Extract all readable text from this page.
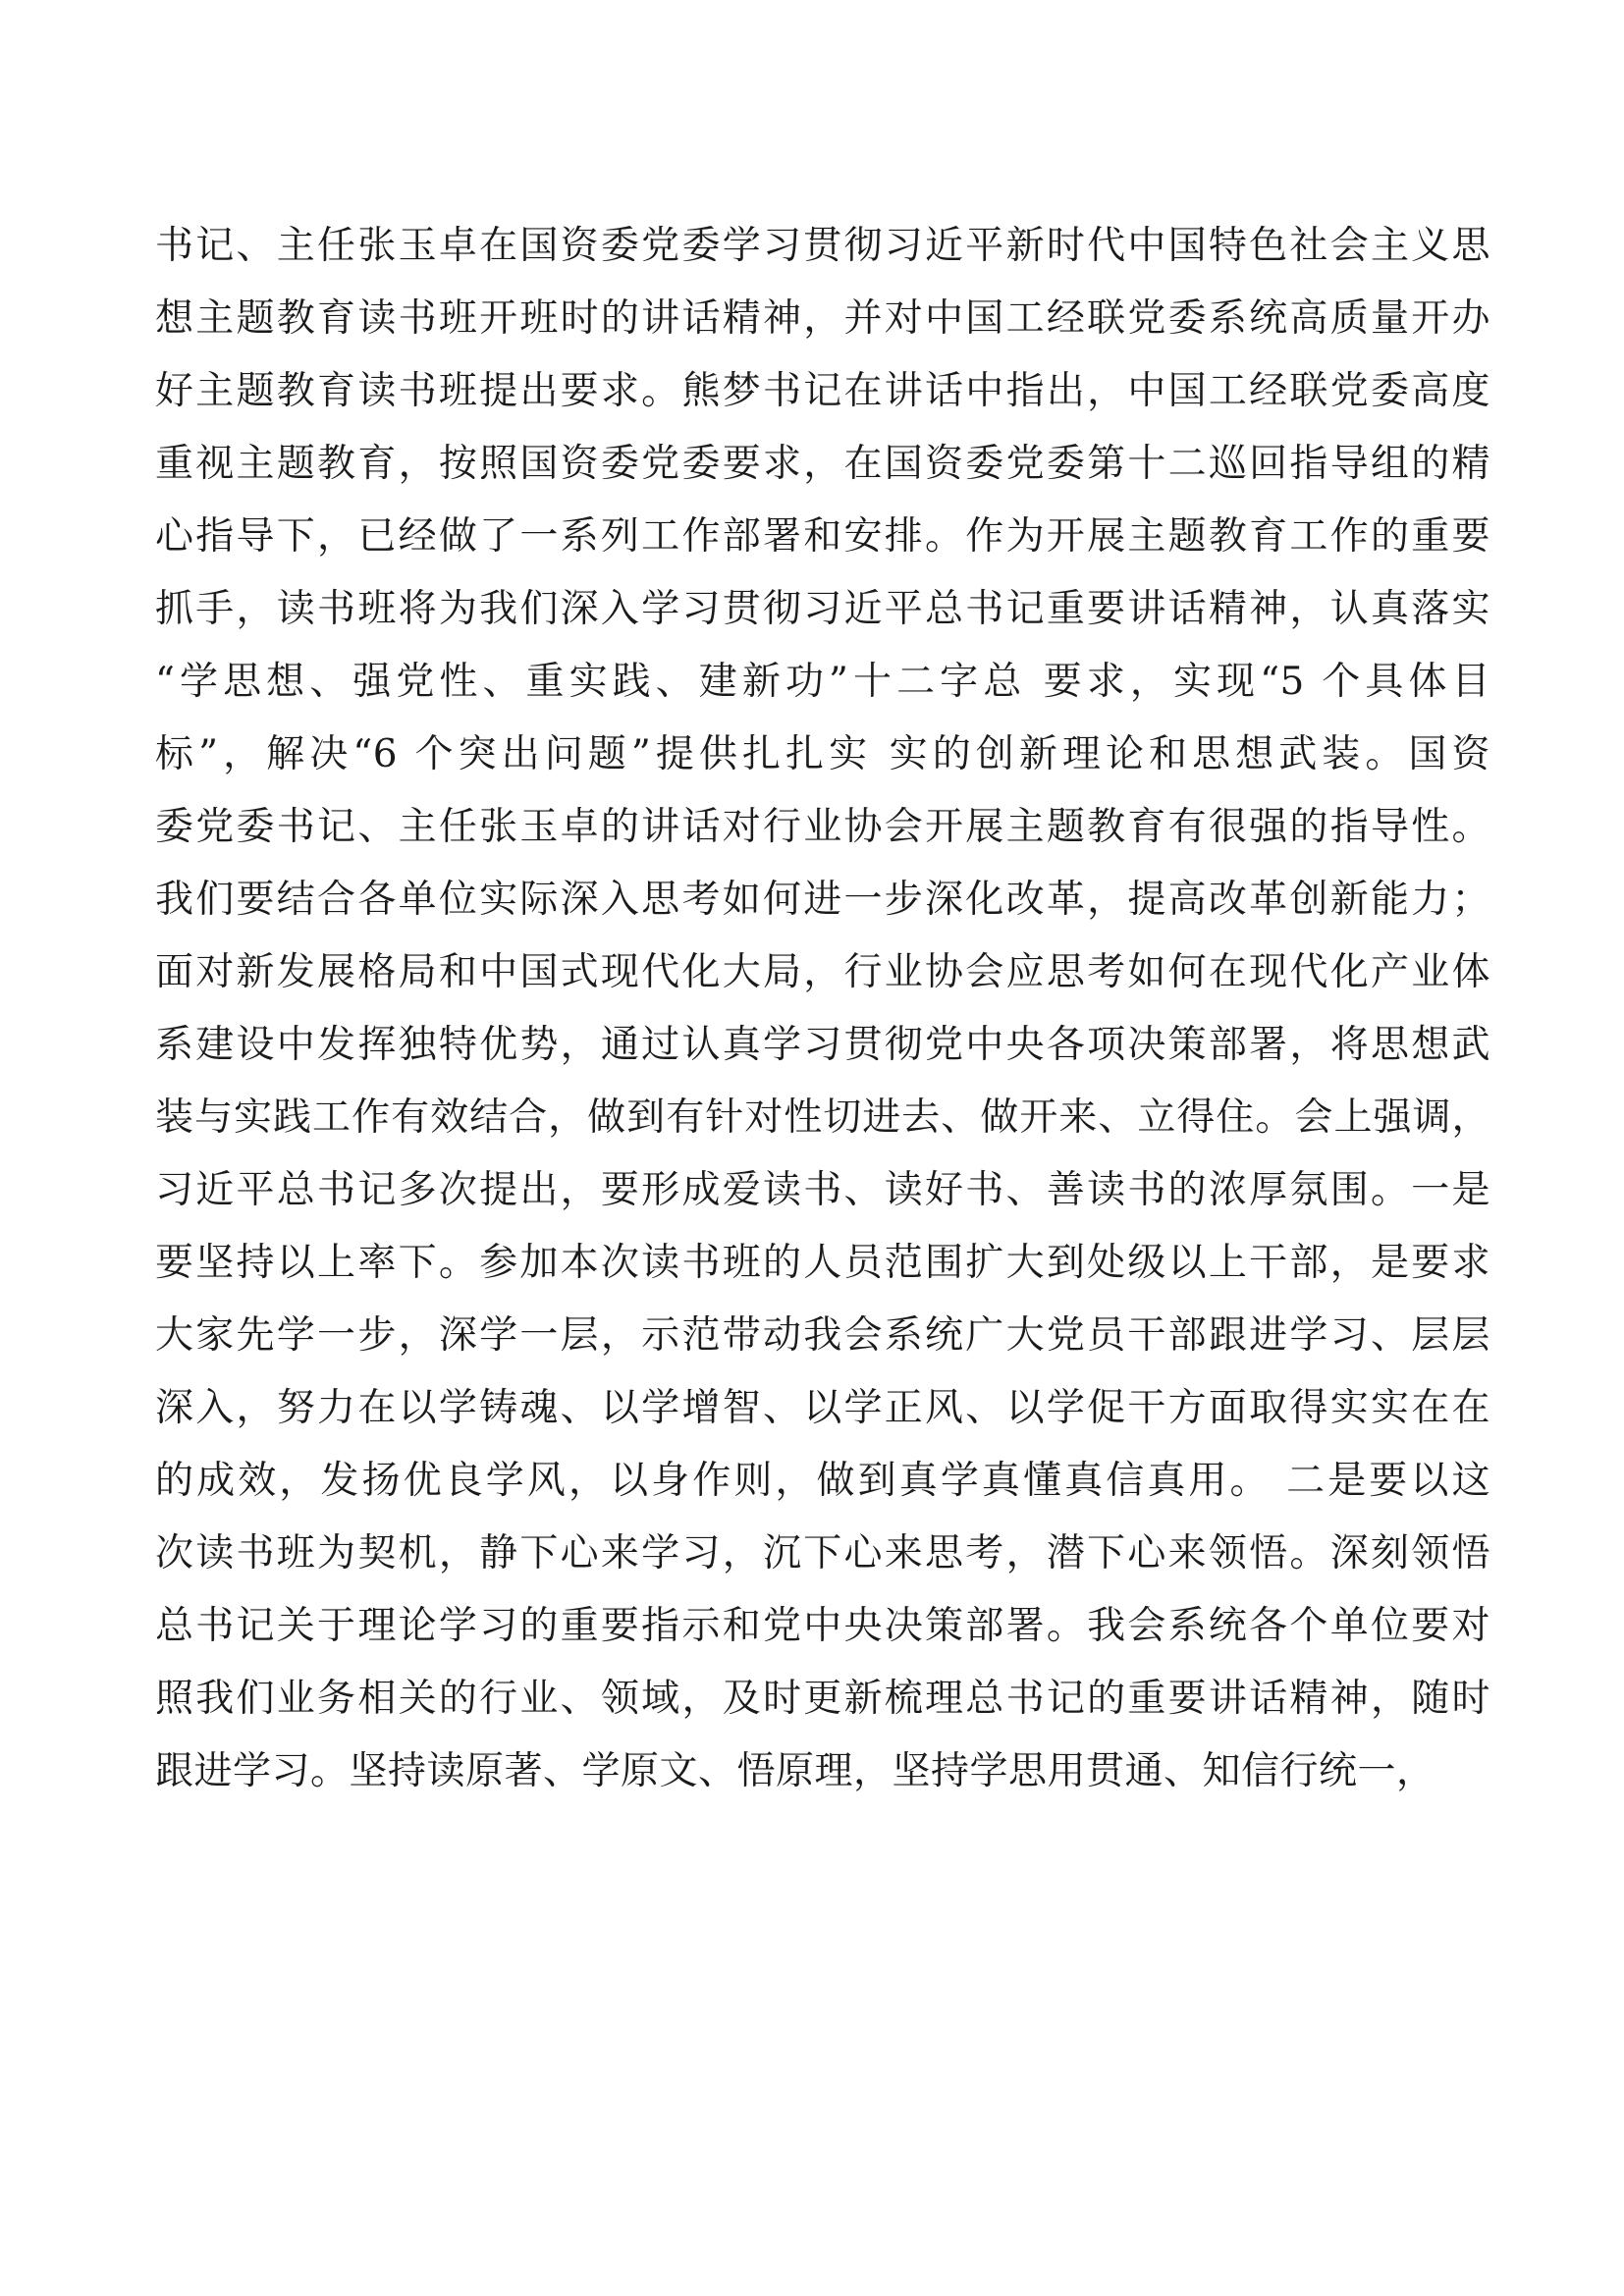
书记、主任张玉卓在国资委党委学习贯彻习近平新时代中国特色社会主义思
想主题教育读书班开班时的讲话精神，并对中国工经联党委系统高质量开办
好主题教育读书班提出要求。熊梦书记在讲话中指出，中国工经联党委高度
重视主题教育，按照国资委党委要求，在国资委党委第十二巡回指导组的精
心指导下，已经做了一系列工作部署和安排。作为开展主题教育工作的重要
抓手，读书班将为我们深入学习贯彻习近平总书记重要讲话精神，认真落实
“学思想、强党性、重实践、建新功”十二字总 要求，实现“5 个具体目
标”，解决“6 个突出问题”提供扎扎实 实的创新理论和思想武装。国资
委党委书记、主任张玉卓的讲话对行业协会开展主题教育有很强的指导性。
我们要结合各单位实际深入思考如何进一步深化改革，提高改革创新能力；
面对新发展格局和中国式现代化大局，行业协会应思考如何在现代化产业体
系建设中发挥独特优势，通过认真学习贯彻党中央各项决策部署，将思想武
装与实践工作有效结合，做到有针对性切进去、做开来、立得住。会上强调，
习近平总书记多次提出，要形成爱读书、读好书、善读书的浓厚氛围。一是
要坚持以上率下。参加本次读书班的人员范围扩大到处级以上干部，是要求
大家先学一步，深学一层，示范带动我会系统广大党员干部跟进学习、层层
深入，努力在以学铸魂、以学增智、以学正风、以学促干方面取得实实在在
的成效，发扬优良学风，以身作则，做到真学真懂真信真用。 二是要以这
次读书班为契机，静下心来学习，沉下心来思考，潜下心来领悟。深刻领悟
总书记关于理论学习的重要指示和党中央决策部署。我会系统各个单位要对
照我们业务相关的行业、领域，及时更新梳理总书记的重要讲话精神，随时
跟进学习。坚持读原著、学原文、悟原理，坚持学思用贯通、知信行统一，
